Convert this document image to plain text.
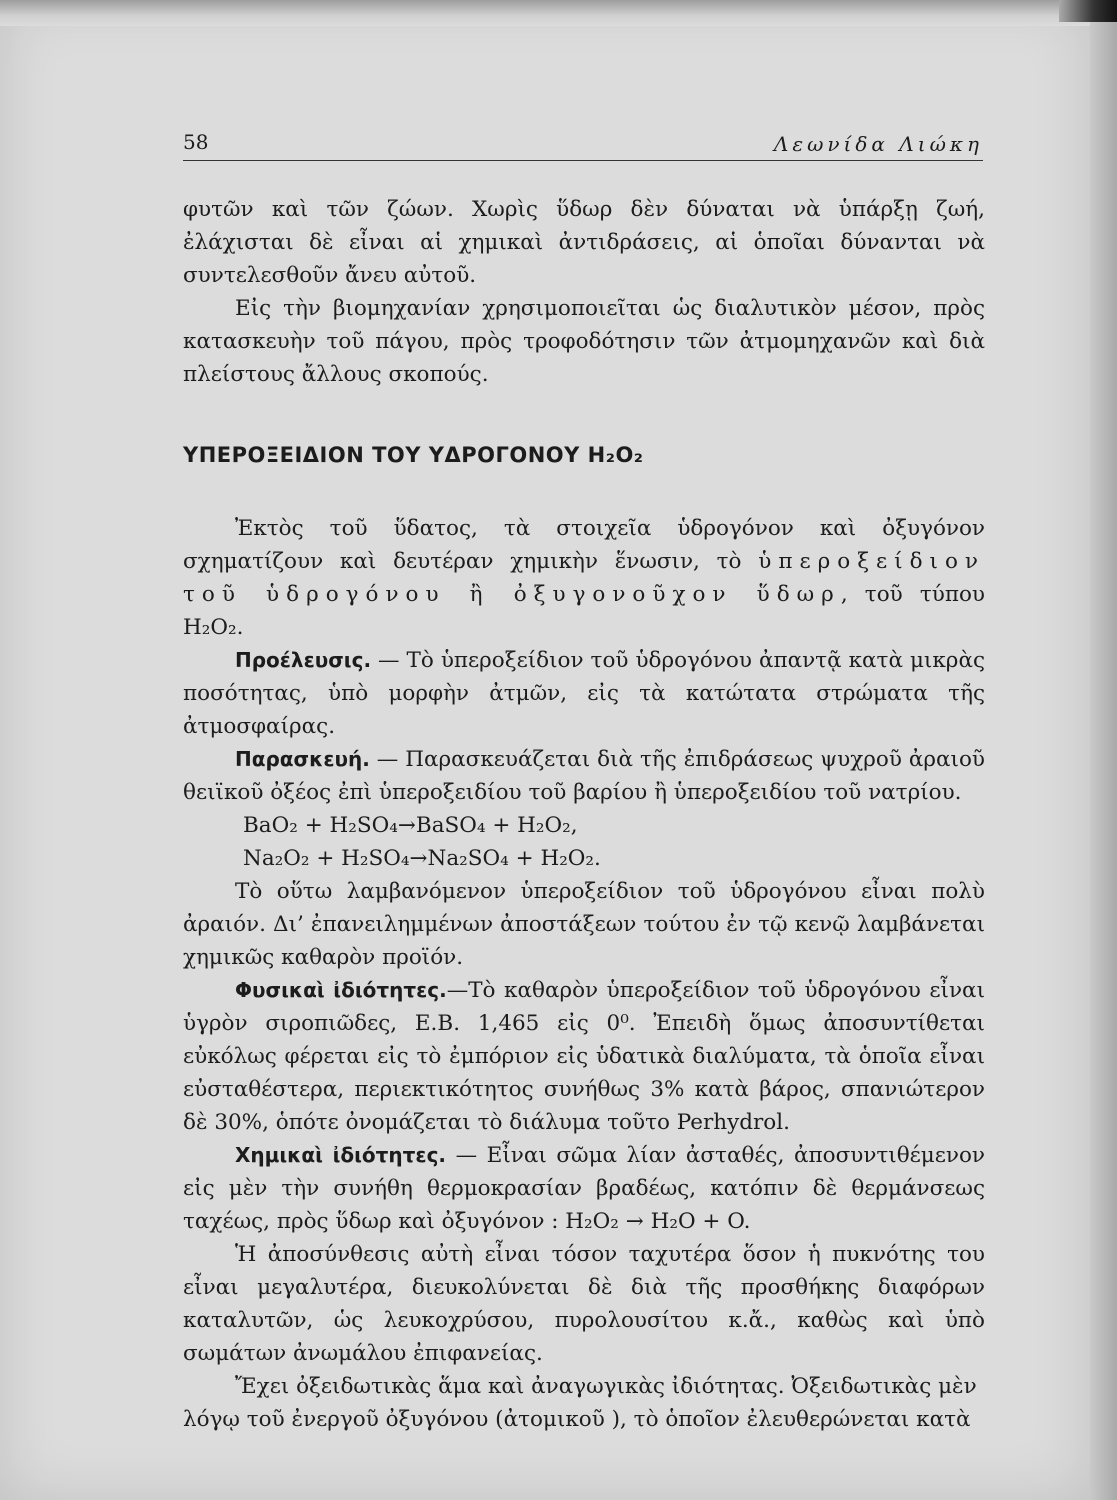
58	Λεωνίδα Λιώκη

φυτῶν καὶ τῶν ζώων. Χωρὶς ὕδωρ δὲν δύναται νὰ ὑπάρξῃ ζωή, ἐλάχισται δὲ εἶναι αἱ χημικαὶ ἀντιδράσεις, αἱ ὁποῖαι δύνανται νὰ συντελεσθοῦν ἄνευ αὐτοῦ.

Εἰς τὴν βιομηχανίαν χρησιμοποιεῖται ὡς διαλυτικὸν μέσον, πρὸς κατασκευὴν τοῦ πάγου, πρὸς τροφοδότησιν τῶν ἀτμομηχανῶν καὶ διὰ πλείστους ἄλλους σκοπούς.

ΥΠΕΡΟΞΕΙΔΙΟΝ ΤΟΥ ΥΔΡΟΓΟΝΟΥ H₂O₂

Ἐκτὸς τοῦ ὕδατος, τὰ στοιχεῖα ὑδρογόνον καὶ ὀξυγόνον σχηματίζουν καὶ δευτέραν χημικὴν ἕνωσιν, τὸ ὑπεροξείδιον τοῦ ὑδρογόνου ἢ ὀξυγονοῦχον ὕδωρ, τοῦ τύπου H₂O₂.

Προέλευσις. — Τὸ ὑπεροξείδιον τοῦ ὑδρογόνου ἀπαντᾷ κατὰ μικρὰς ποσότητας, ὑπὸ μορφὴν ἀτμῶν, εἰς τὰ κατώτατα στρώματα τῆς ἀτμοσφαίρας.

Παρασκευή. — Παρασκευάζεται διὰ τῆς ἐπιδράσεως ψυχροῦ ἀραιοῦ θειϊκοῦ ὀξέος ἐπὶ ὑπεροξειδίου τοῦ βαρίου ἢ ὑπεροξειδίου τοῦ νατρίου.

BaO₂ + H₂SO₄→BaSO₄ + H₂O₂,

Na₂O₂ + H₂SO₄→Na₂SO₄ + H₂O₂.

Τὸ οὕτω λαμβανόμενον ὑπεροξείδιον τοῦ ὑδρογόνου εἶναι πολὺ ἀραιόν. Δι’ ἐπανειλημμένων ἀποστάξεων τούτου ἐν τῷ κενῷ λαμβάνεται χημικῶς καθαρὸν προϊόν.

Φυσικαὶ ἰδιότητες.—Τὸ καθαρὸν ὑπεροξείδιον τοῦ ὑδρογόνου εἶναι ὑγρὸν σιροπιῶδες, Ε.Β. 1,465 εἰς 0⁰. Ἐπειδὴ ὅμως ἀποσυντίθεται εὐκόλως φέρεται εἰς τὸ ἐμπόριον εἰς ὑδατικὰ διαλύματα, τὰ ὁποῖα εἶναι εὐσταθέστερα, περιεκτικότητος συνήθως 3% κατὰ βάρος, σπανιώτερον δὲ 30%, ὁπότε ὀνομάζεται τὸ διάλυμα τοῦτο Perhydrol.

Χημικαὶ ἰδιότητες. — Εἶναι σῶμα λίαν ἀσταθές, ἀποσυντιθέμενον εἰς μὲν τὴν συνήθη θερμοκρασίαν βραδέως, κατόπιν δὲ θερμάνσεως ταχέως, πρὸς ὕδωρ καὶ ὀξυγόνον : H₂O₂ → H₂O + O.

Ἡ ἀποσύνθεσις αὐτὴ εἶναι τόσον ταχυτέρα ὅσον ἡ πυκνότης του εἶναι μεγαλυτέρα, διευκολύνεται δὲ διὰ τῆς προσθήκης διαφόρων καταλυτῶν, ὡς λευκοχρύσου, πυρολουσίτου κ.ἄ., καθὼς καὶ ὑπὸ σωμάτων ἀνωμάλου ἐπιφανείας.

Ἔχει ὀξειδωτικὰς ἅμα καὶ ἀναγωγικὰς ἰδιότητας. Ὀξειδωτικὰς μὲν λόγῳ τοῦ ἐνεργοῦ ὀξυγόνου (ἀτομικοῦ ), τὸ ὁποῖον ἐλευθερώνεται κατὰ
